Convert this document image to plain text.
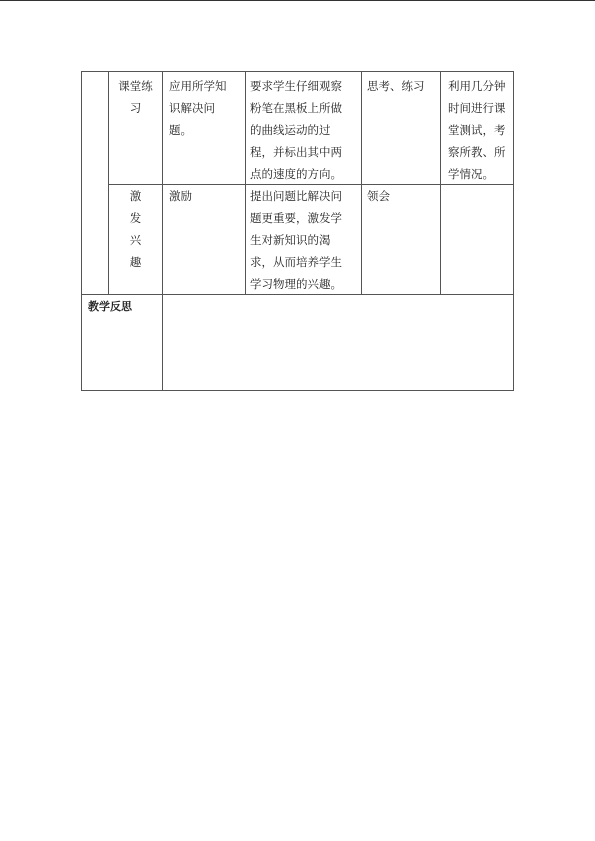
课堂练
习
应用所学知
识解决问
题。
要求学生仔细观察
粉笔在黑板上所做
的曲线运动的过
程，并标出其中两
点的速度的方向。
思考、练习	利用几分钟
时间进行课
堂测试，考
察所教、所
学情况。
激
发
兴
趣
激励	提出问题比解决问
题更重要，激发学
生对新知识的渴
求，从而培养学生
学习物理的兴趣。
领会
教学反思
